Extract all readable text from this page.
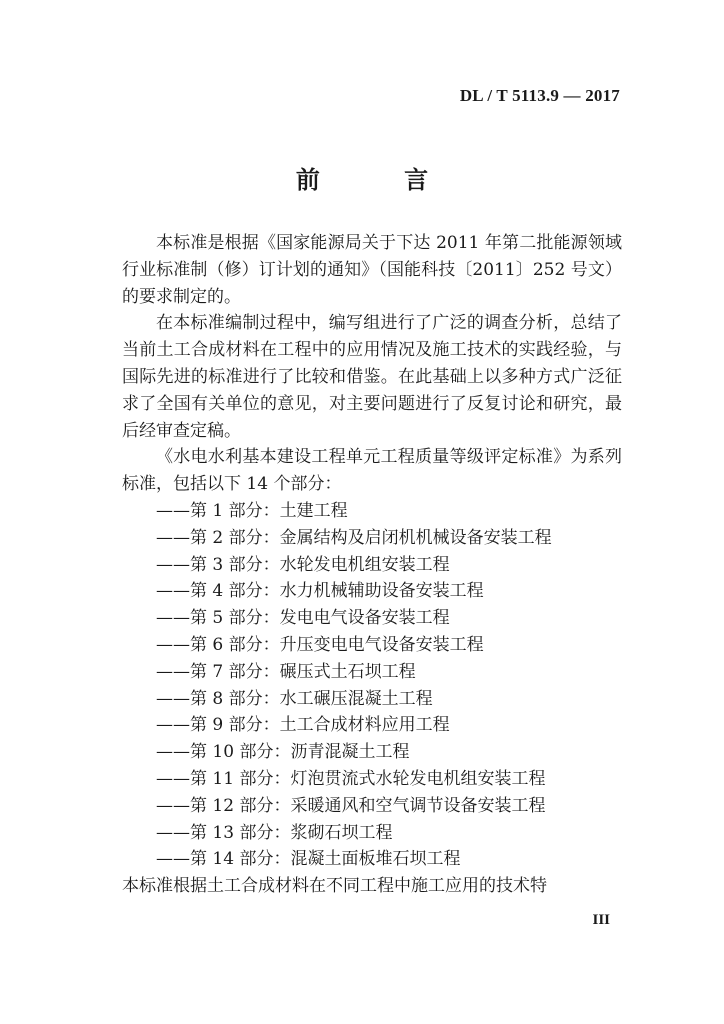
DL / T 5113.9 — 2017
前 言

本标准是根据《国家能源局关于下达 2011 年第二批能源领域行业标准制（修）订计划的通知》（国能科技〔2011〕252 号文）的要求制定的。

在本标准编制过程中，编写组进行了广泛的调查分析，总结了当前土工合成材料在工程中的应用情况及施工技术的实践经验，与国际先进的标准进行了比较和借鉴。在此基础上以多种方式广泛征求了全国有关单位的意见，对主要问题进行了反复讨论和研究，最后经审查定稿。

《水电水利基本建设工程单元工程质量等级评定标准》为系列标准，包括以下 14 个部分：

——第 1 部分：土建工程
——第 2 部分：金属结构及启闭机机械设备安装工程
——第 3 部分：水轮发电机组安装工程
——第 4 部分：水力机械辅助设备安装工程
——第 5 部分：发电电气设备安装工程
——第 6 部分：升压变电电气设备安装工程
——第 7 部分：碾压式土石坝工程
——第 8 部分：水工碾压混凝土工程
——第 9 部分：土工合成材料应用工程
——第 10 部分：沥青混凝土工程
——第 11 部分：灯泡贯流式水轮发电机组安装工程
——第 12 部分：采暖通风和空气调节设备安装工程
——第 13 部分：浆砌石坝工程
——第 14 部分：混凝土面板堆石坝工程

本标准根据土工合成材料在不同工程中施工应用的技术特

III
